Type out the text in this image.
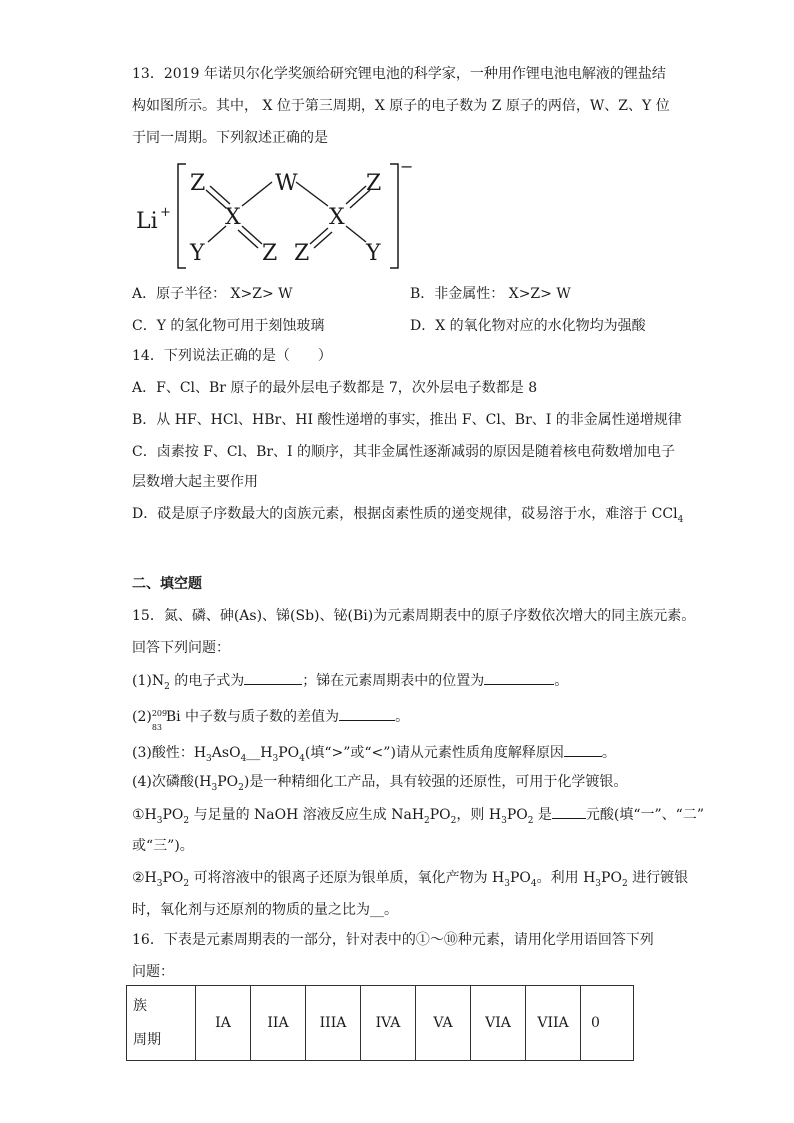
13．2019 年诺贝尔化学奖颁给研究锂电池的科学家，一种用作锂电池电解液的锂盐结
构如图所示。其中， X 位于第三周期，X 原子的电子数为 Z 原子的两倍，W、Z、Y 位
于同一周期。下列叙述正确的是
Li +
−
Z	W	Z
X	X
Y	Z Z	Y
A．原子半径： X>Z> W	B．非金属性： X>Z> W
C．Y 的氢化物可用于刻蚀玻璃	D．X 的氧化物对应的水化物均为强酸
14．下列说法正确的是（　　）
A．F、Cl、Br 原子的最外层电子数都是 7，次外层电子数都是 8
B．从 HF、HCl、HBr、HI 酸性递增的事实，推出 F、Cl、Br、I 的非金属性递增规律
C．卤素按 F、Cl、Br、I 的顺序，其非金属性逐渐减弱的原因是随着核电荷数增加电子
层数增大起主要作用
D．砹是原子序数最大的卤族元素，根据卤素性质的递变规律，砹易溶于水，难溶于 CCl$_4$
二、填空题
15．氮、磷、砷(As)、锑(Sb)、铋(Bi)为元素周期表中的原子序数依次增大的同主族元素。
回答下列问题：
$(1)N_2$ 的电子式为	；锑在元素周期表中的位置为	。
(2) 209
83
Bi 中子数与质子数的差值为	。
(3)酸性：$H_3AsO_4\_\_H_3PO_4$(填“>”或“<”)请从元素性质角度解释原因	。
(4)次磷酸$(H_3PO_2)$是一种精细化工产品，具有较强的还原性，可用于化学镀银。
$①H_3PO_2$ 与足量的 NaOH 溶液反应生成 $NaH_2PO_2$，则 $H_3PO_2$ 是 元酸(填“一”、“二”
或“三”)。
$②H_3PO_2$ 可将溶液中的银离子还原为银单质，氧化产物为 $H_3PO_4$。利用 $H_3PO_2$ 进行镀银
时，氧化剂与还原剂的物质的量之比为__。
16．下表是元素周期表的一部分，针对表中的①～⑩种元素，请用化学用语回答下列
问题：
族
周期	IA	IIA	IIIA	IVA	VA	VIA	VIIA	0
